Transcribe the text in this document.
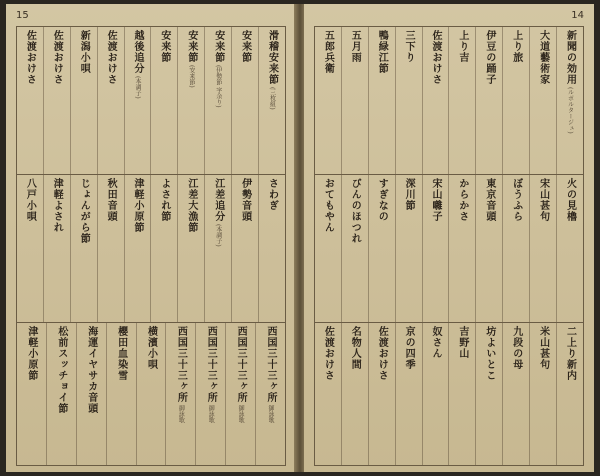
15
滑稽安来節
(三枚組)
安来節
安来節
(伊勢節 字余り)
安来節
(安来節)
安来節
越後追分
(本調子)
佐渡おけさ
新潟小唄
佐渡おけさ
佐渡おけさ
さわぎ
伊勢音頭
江差追分
(本調子)
江差大漁節
よされ節
津軽小原節
秋田音頭
じょんがら節
津軽よされ
八戸小唄
西国三十三ヶ所
御詠歌
西国三十三ヶ所
御詠歌
西国三十三ヶ所
御詠歌
西国三十三ヶ所
御詠歌
横濱小唄
櫻田血染雪
海運イヤサカ音頭
松前スッチョイ節
津軽小原節
14
新聞の効用
(ルポルタージュ)
大道藝術家
上り旅
伊豆の踊子
上り吉
佐渡おけさ
三下り
鴨緑江節
五月雨
五郎兵衛
火の見櫓
宋山甚句
ぼうふら
東京音頭
からかさ
宋山囃子
深川節
すぎなの
びんのほつれ
おてもやん
二上り新内
米山甚句
九段の母
坊よいとこ
吉野山
奴さん
京の四季
佐渡おけさ
名物人間
佐渡おけさ
